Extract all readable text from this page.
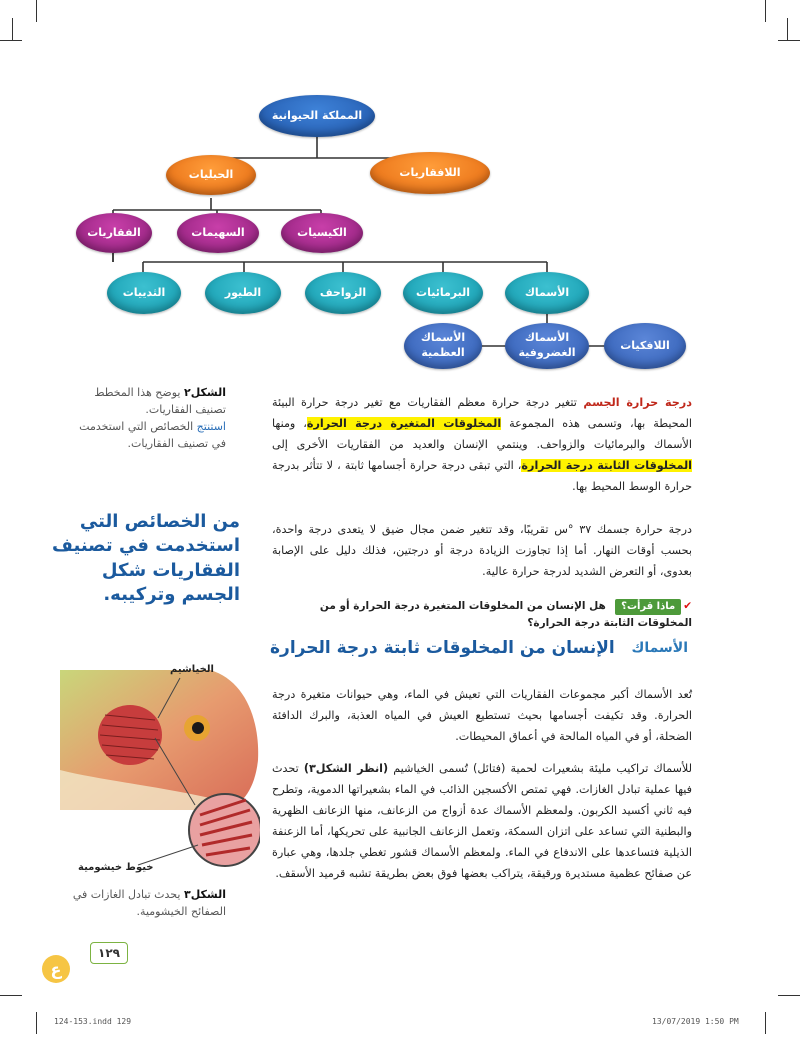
المملكة الحيوانية
الحبليات	اللافقاريات
الفقاريات	السهيمات	الكيسيات
الثدييات	الطيور	الزواحف	البرمائيات	الأسماك
الأسماك العظمية
الأسماك الغضروفية
اللافكيات
الشكل٢ يوضح هذا المخطط تصنيف الفقاريات.
استنتج الخصائص التي استخدمت في تصنيف الفقاريات.
من الخصائص التي استخدمت في تصنيف الفقاريات شكل الجسم وتركيبه.
درجة حرارة الجسم تتغير درجة حرارة معظم الفقاريات مع تغير درجة حرارة البيئة المحيطة بها، وتسمى هذه المجموعة المخلوقات المتغيرة درجة الحرارة، ومنها الأسماك والبرمائيات والزواحف. وينتمي الإنسان والعديد من الفقاريات الأخرى إلى المخلوقات الثابتة درجة الحرارة، التي تبقى درجة حرارة أجسامها ثابتة ، لا تتأثر بدرجة حرارة الوسط المحيط بها.
درجة حرارة جسمك ٣٧ °س تقريبًا، وقد تتغير ضمن مجال ضيق لا يتعدى درجة واحدة، بحسب أوقات النهار. أما إذا تجاوزت الزيادة درجة أو درجتين، فذلك دليل على الإصابة بعدوى، أو التعرض الشديد لدرجة حرارة عالية.
✔ماذا قرأت؟ هل الإنسان من المخلوقات المتغيرة درجة الحرارة أو من المخلوقات الثابتة درجة الحرارة؟
الأسماك
الإنسان من المخلوقات ثابتة درجة الحرارة
تُعد الأسماك أكبر مجموعات الفقاريات التي تعيش في الماء، وهي حيوانات متغيرة درجة الحرارة. وقد تكيفت أجسامها بحيث تستطيع العيش في المياه العذبة، والبرك الدافئة الضحلة، أو في المياه المالحة في أعماق المحيطات.
للأسماك تراكيب مليئة بشعيرات لحمية (فتائل) تُسمى الخياشيم (انظر الشكل٣) تحدث فيها عملية تبادل الغازات. فهي تمتص الأكسجين الذائب في الماء بشعيراتها الدموية، وتطرح فيه ثاني أكسيد الكربون. ولمعظم الأسماك عدة أزواج من الزعانف، منها الزعانف الظهرية والبطنية التي تساعد على اتزان السمكة، وتعمل الزعانف الجانبية على تحريكها، أما الزعنفة الذيلية فتساعدها على الاندفاع في الماء. ولمعظم الأسماك قشور تغطي جلدها، وهي عبارة عن صفائح عظمية مستديرة ورقيقة، يتراكب بعضها فوق بعض بطريقة تشبه قرميد الأسقف.
الخياشيم
خيوط خيشومية
الشكل٣ يحدث تبادل الغازات في الصفائح الخيشومية.
١٢٩
ع
124-153.indd 129	13/07/2019 1:50 PM
